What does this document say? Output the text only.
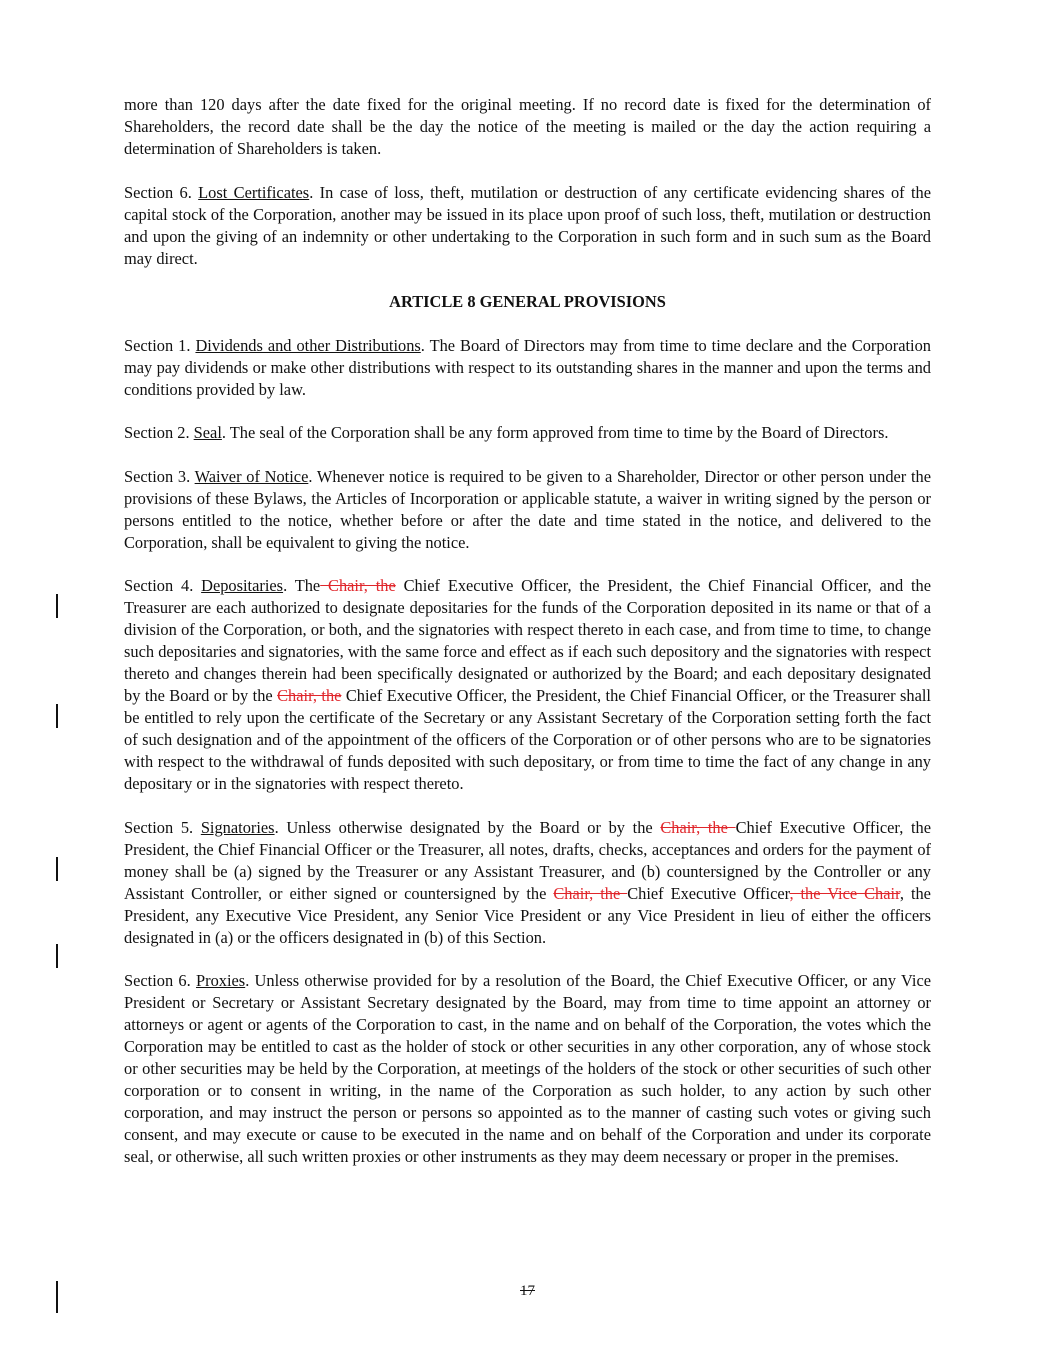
more than 120 days after the date fixed for the original meeting. If no record date is fixed for the determination of Shareholders, the record date shall be the day the notice of the meeting is mailed or the day the action requiring a determination of Shareholders is taken.

Section 6. Lost Certificates. In case of loss, theft, mutilation or destruction of any certificate evidencing shares of the capital stock of the Corporation, another may be issued in its place upon proof of such loss, theft, mutilation or destruction and upon the giving of an indemnity or other undertaking to the Corporation in such form and in such sum as the Board may direct.

ARTICLE 8 GENERAL PROVISIONS

Section 1. Dividends and other Distributions. The Board of Directors may from time to time declare and the Corporation may pay dividends or make other distributions with respect to its outstanding shares in the manner and upon the terms and conditions provided by law.

Section 2. Seal. The seal of the Corporation shall be any form approved from time to time by the Board of Directors.

Section 3. Waiver of Notice. Whenever notice is required to be given to a Shareholder, Director or other person under the provisions of these Bylaws, the Articles of Incorporation or applicable statute, a waiver in writing signed by the person or persons entitled to the notice, whether before or after the date and time stated in the notice, and delivered to the Corporation, shall be equivalent to giving the notice.

Section 4. Depositaries. The Chair, the Chief Executive Officer, the President, the Chief Financial Officer, and the Treasurer are each authorized to designate depositaries for the funds of the Corporation deposited in its name or that of a division of the Corporation, or both, and the signatories with respect thereto in each case, and from time to time, to change such depositaries and signatories, with the same force and effect as if each such depository and the signatories with respect thereto and changes therein had been specifically designated or authorized by the Board; and each depositary designated by the Board or by the Chair, the Chief Executive Officer, the President, the Chief Financial Officer, or the Treasurer shall be entitled to rely upon the certificate of the Secretary or any Assistant Secretary of the Corporation setting forth the fact of such designation and of the appointment of the officers of the Corporation or of other persons who are to be signatories with respect to the withdrawal of funds deposited with such depositary, or from time to time the fact of any change in any depositary or in the signatories with respect thereto.

Section 5. Signatories. Unless otherwise designated by the Board or by the Chair, the Chief Executive Officer, the President, the Chief Financial Officer or the Treasurer, all notes, drafts, checks, acceptances and orders for the payment of money shall be (a) signed by the Treasurer or any Assistant Treasurer, and (b) countersigned by the Controller or any Assistant Controller, or either signed or countersigned by the Chair, the Chief Executive Officer, the Vice Chair, the President, any Executive Vice President, any Senior Vice President or any Vice President in lieu of either the officers designated in (a) or the officers designated in (b) of this Section.

Section 6. Proxies. Unless otherwise provided for by a resolution of the Board, the Chief Executive Officer, or any Vice President or Secretary or Assistant Secretary designated by the Board, may from time to time appoint an attorney or attorneys or agent or agents of the Corporation to cast, in the name and on behalf of the Corporation, the votes which the Corporation may be entitled to cast as the holder of stock or other securities in any other corporation, any of whose stock or other securities may be held by the Corporation, at meetings of the holders of the stock or other securities of such other corporation or to consent in writing, in the name of the Corporation as such holder, to any action by such other corporation, and may instruct the person or persons so appointed as to the manner of casting such votes or giving such consent, and may execute or cause to be executed in the name and on behalf of the Corporation and under its corporate seal, or otherwise, all such written proxies or other instruments as they may deem necessary or proper in the premises.

17
